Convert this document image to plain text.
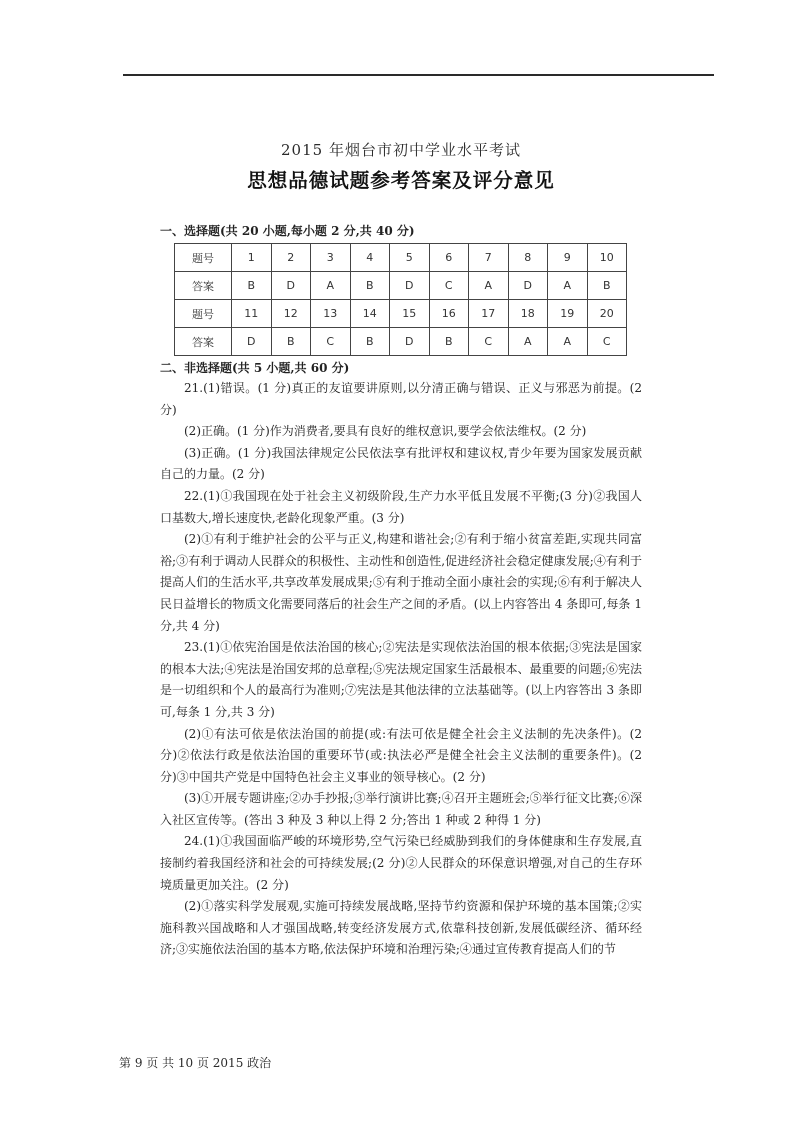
2015 年烟台市初中学业水平考试
思想品德试题参考答案及评分意见
一、选择题(共 20 小题,每小题 2 分,共 40 分)
题号	1	2	3	4	5	6	7	8	9	10
答案	B	D	A	B	D	C	A	D	A	B
题号	11	12	13	14	15	16	17	18	19	20
答案	D	B	C	B	D	B	C	A	A	C
二、非选择题(共 5 小题,共 60 分)

21.(1)错误。(1 分)真正的友谊要讲原则,以分清正确与错误、正义与邪恶为前提。(2 分)

(2)正确。(1 分)作为消费者,要具有良好的维权意识,要学会依法维权。(2 分)

(3)正确。(1 分)我国法律规定公民依法享有批评权和建议权,青少年要为国家发展贡献自己的力量。(2 分)

22.(1)①我国现在处于社会主义初级阶段,生产力水平低且发展不平衡;(3 分)②我国人口基数大,增长速度快,老龄化现象严重。(3 分)

(2)①有利于维护社会的公平与正义,构建和谐社会;②有利于缩小贫富差距,实现共同富裕;③有利于调动人民群众的积极性、主动性和创造性,促进经济社会稳定健康发展;④有利于提高人们的生活水平,共享改革发展成果;⑤有利于推动全面小康社会的实现;⑥有利于解决人民日益增长的物质文化需要同落后的社会生产之间的矛盾。(以上内容答出 4 条即可,每条 1 分,共 4 分)

23.(1)①依宪治国是依法治国的核心;②宪法是实现依法治国的根本依据;③宪法是国家的根本大法;④宪法是治国安邦的总章程;⑤宪法规定国家生活最根本、最重要的问题;⑥宪法是一切组织和个人的最高行为准则;⑦宪法是其他法律的立法基础等。(以上内容答出 3 条即可,每条 1 分,共 3 分)

(2)①有法可依是依法治国的前提(或:有法可依是健全社会主义法制的先决条件)。(2 分)②依法行政是依法治国的重要环节(或:执法必严是健全社会主义法制的重要条件)。(2 分)③中国共产党是中国特色社会主义事业的领导核心。(2 分)

(3)①开展专题讲座;②办手抄报;③举行演讲比赛;④召开主题班会;⑤举行征文比赛;⑥深入社区宣传等。(答出 3 种及 3 种以上得 2 分;答出 1 种或 2 种得 1 分)

24.(1)①我国面临严峻的环境形势,空气污染已经威胁到我们的身体健康和生存发展,直接制约着我国经济和社会的可持续发展;(2 分)②人民群众的环保意识增强,对自己的生存环境质量更加关注。(2 分)

(2)①落实科学发展观,实施可持续发展战略,坚持节约资源和保护环境的基本国策;②实施科教兴国战略和人才强国战略,转变经济发展方式,依靠科技创新,发展低碳经济、循环经济;③实施依法治国的基本方略,依法保护环境和治理污染;④通过宣传教育提高人们的节

第 9 页 共 10 页 2015 政治
